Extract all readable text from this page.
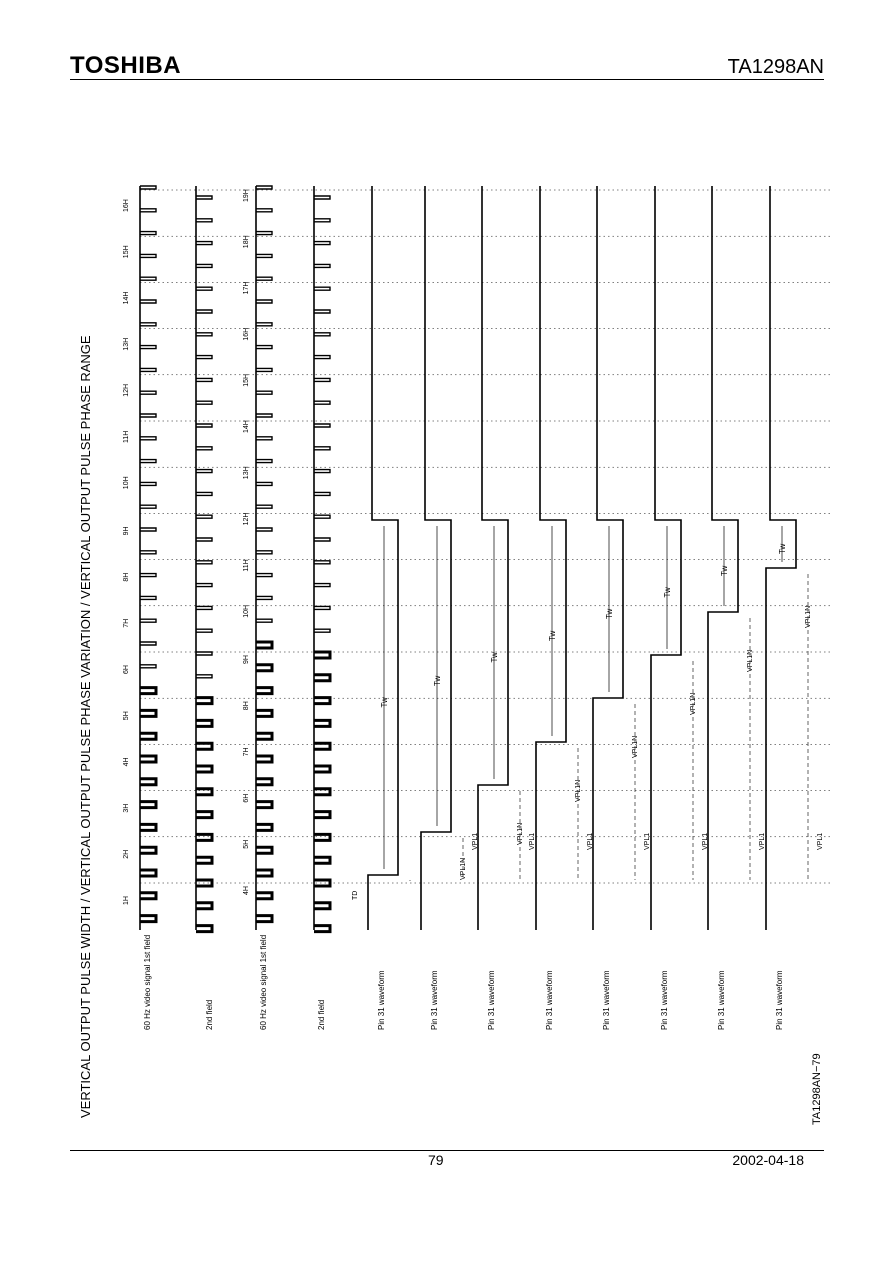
TOSHIBA	TA1298AN
VERTICAL OUTPUT PULSE WIDTH / VERTICAL OUTPUT PULSE PHASE VARIATION / VERTICAL OUTPUT PULSE PHASE RANGE	TA1298AN−79
60 Hz video signal 1st field	2nd field	60 Hz video signal 1st field	2nd field	Pin 31 waveform	Pin 31 waveform	Pin 31 waveform	Pin 31 waveform	Pin 31 waveform	Pin 31 waveform	Pin 31 waveform	Pin 31 waveform
1H
2H
3H
4H
5H
6H
7H
8H
9H
10H
11H
12H
13H
14H
15H
16H
4H
5H
6H
7H
8H
9H
10H
11H
12H
13H
14H
15H
16H
17H
18H
19H
Tw
Tw
VPL1N
VPL1
Tw
VPL1N VPL1
Tw
VPL1N
VPL1
Tw
VPL1N
VPL1
Tw
VPL1N
VPL1
Tw
VPL1N
VPL1
Tw
VPL1N
VPL1
TD
79	2002-04-18
